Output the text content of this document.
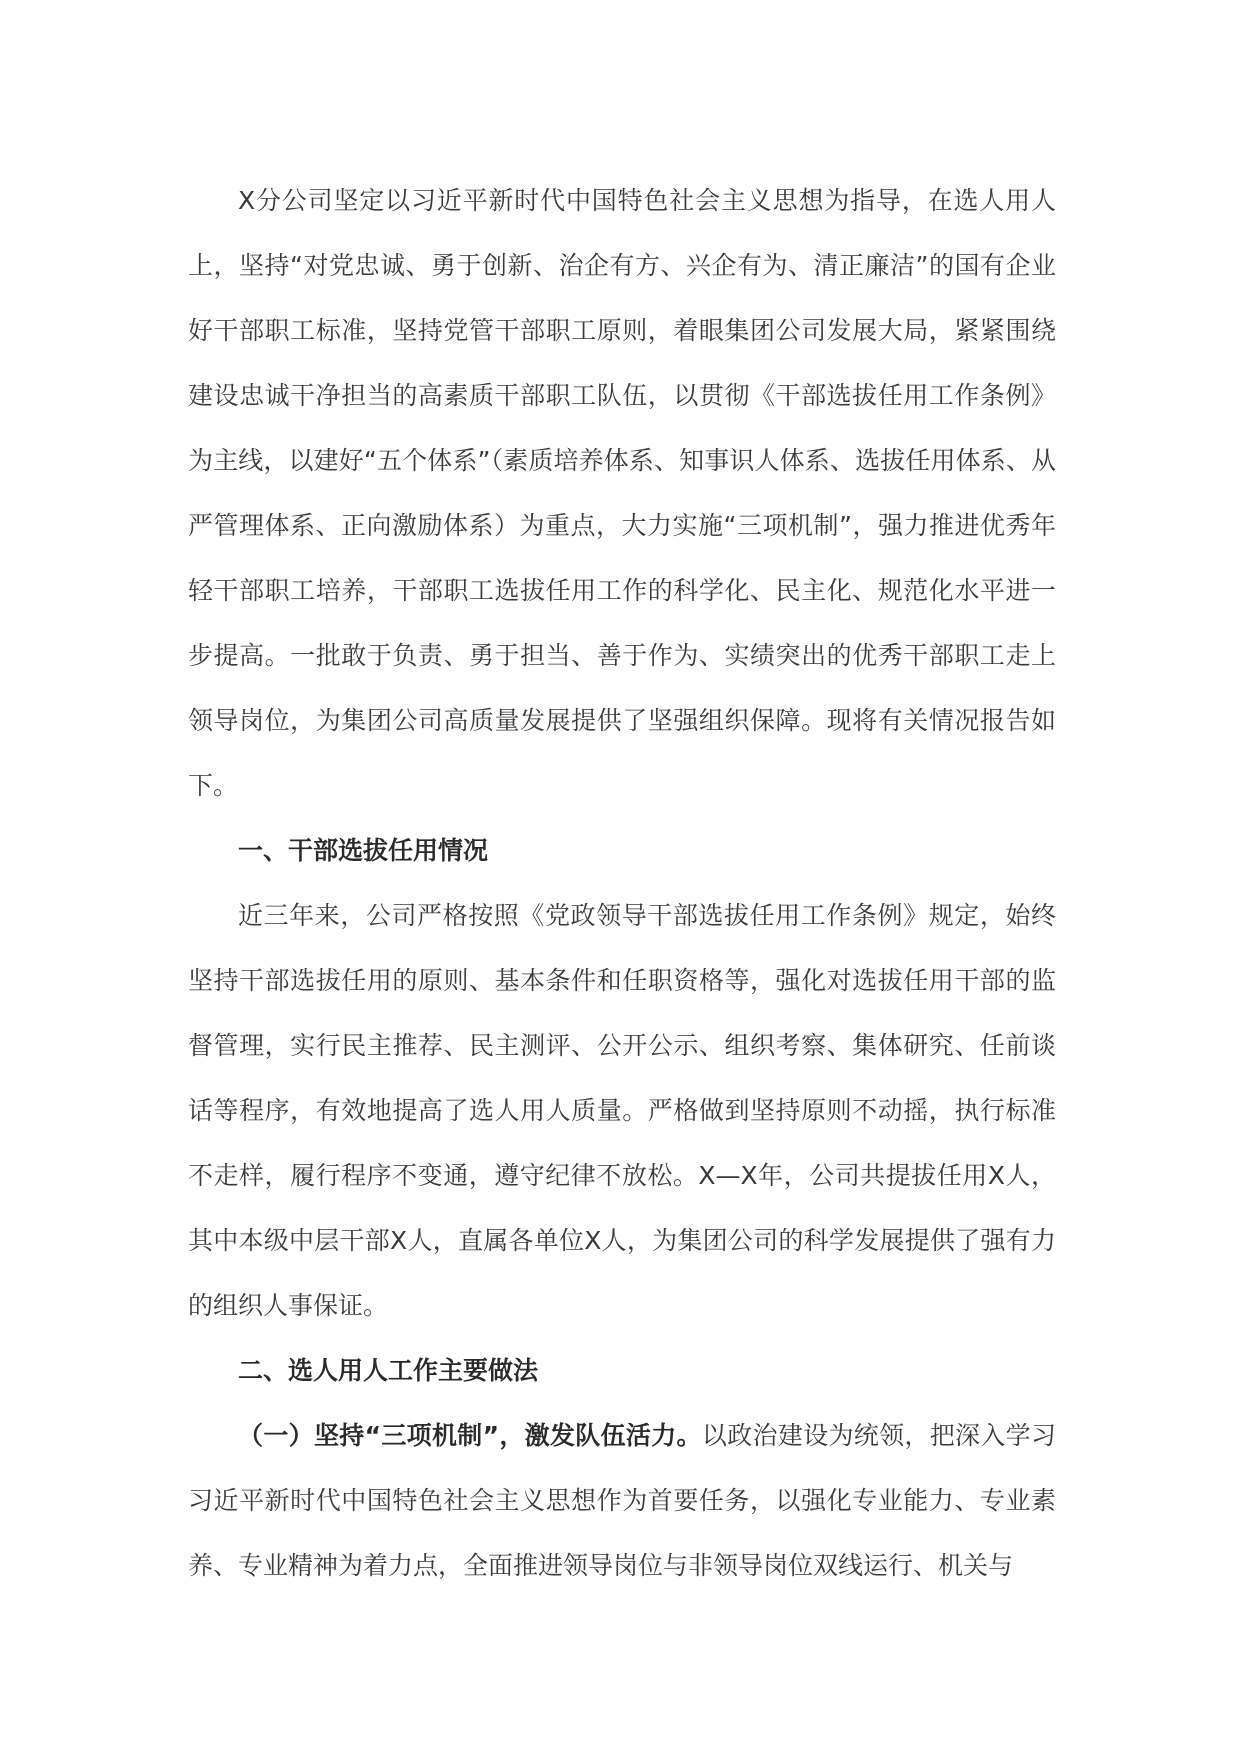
X分公司坚定以习近平新时代中国特色社会主义思想为指导，在选人用人上，坚持“对党忠诚、勇于创新、治企有方、兴企有为、清正廉洁”的国有企业好干部职工标准，坚持党管干部职工原则，着眼集团公司发展大局，紧紧围绕建设忠诚干净担当的高素质干部职工队伍，以贯彻《干部选拔任用工作条例》为主线，以建好“五个体系”（素质培养体系、知事识人体系、选拔任用体系、从严管理体系、正向激励体系）为重点，大力实施“三项机制”，强力推进优秀年轻干部职工培养，干部职工选拔任用工作的科学化、民主化、规范化水平进一步提高。一批敢于负责、勇于担当、善于作为、实绩突出的优秀干部职工走上领导岗位，为集团公司高质量发展提供了坚强组织保障。现将有关情况报告如下。

一、干部选拔任用情况

近三年来，公司严格按照《党政领导干部选拔任用工作条例》规定，始终坚持干部选拔任用的原则、基本条件和任职资格等，强化对选拔任用干部的监督管理，实行民主推荐、民主测评、公开公示、组织考察、集体研究、任前谈话等程序，有效地提高了选人用人质量。严格做到坚持原则不动摇，执行标准不走样，履行程序不变通，遵守纪律不放松。X—X年，公司共提拔任用X人，其中本级中层干部X人，直属各单位X人，为集团公司的科学发展提供了强有力的组织人事保证。

二、选人用人工作主要做法

（一）坚持“三项机制”，激发队伍活力。以政治建设为统领，把深入学习习近平新时代中国特色社会主义思想作为首要任务，以强化专业能力、专业素养、专业精神为着力点，全面推进领导岗位与非领导岗位双线运行、机关与
